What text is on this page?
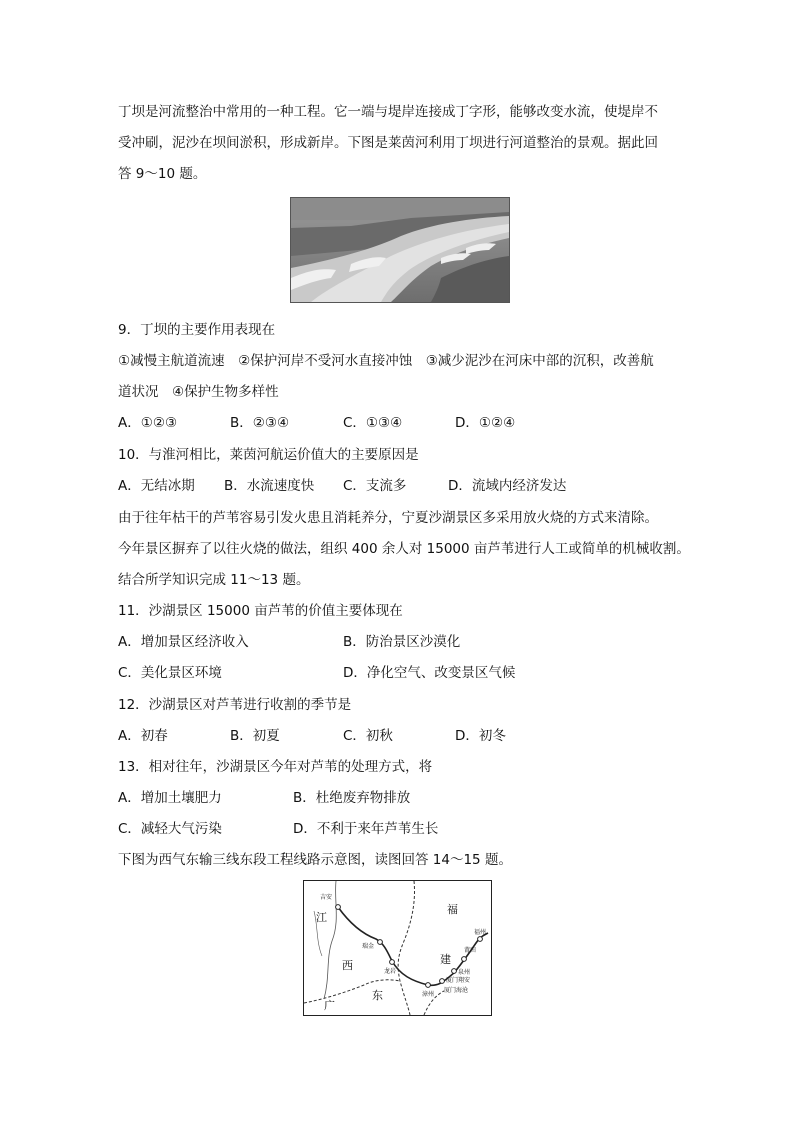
丁坝是河流整治中常用的一种工程。它一端与堤岸连接成丁字形，能够改变水流，使堤岸不
受冲刷，泥沙在坝间淤积，形成新岸。下图是莱茵河利用丁坝进行河道整治的景观。据此回
答 9～10 题。
9．丁坝的主要作用表现在
①减慢主航道流速　②保护河岸不受河水直接冲蚀　③减少泥沙在河床中部的沉积，改善航
道状况　④保护生物多样性
A．①②③	B．②③④	C．①③④	D．①②④
10．与淮河相比，莱茵河航运价值大的主要原因是
A．无结冰期 B．水流速度快 C．支流多	D．流域内经济发达
由于往年枯干的芦苇容易引发火患且消耗养分，宁夏沙湖景区多采用放火烧的方式来清除。
今年景区摒弃了以往火烧的做法，组织 400 余人对 15000 亩芦苇进行人工或简单的机械收割。
结合所学知识完成 11～13 题。
11．沙湖景区 15000 亩芦苇的价值主要体现在
A．增加景区经济收入	B．防治景区沙漠化
C．美化景区环境	D．净化空气、改变景区气候
12．沙湖景区对芦苇进行收割的季节是
A．初春	B．初夏	C．初秋	D．初冬
13．相对往年，沙湖景区今年对芦苇的处理方式，将
A．增加土壤肥力	B．杜绝废弃物排放
C．减轻大气污染	D．不利于来年芦苇生长
下图为西气东输三线东段工程线路示意图，读图回答 14～15 题。
江
西
福
建
广
东
吉安
瑞金
龙岩
漳州
泉州
莆田
福州
厦门翔安
厦门海沧
